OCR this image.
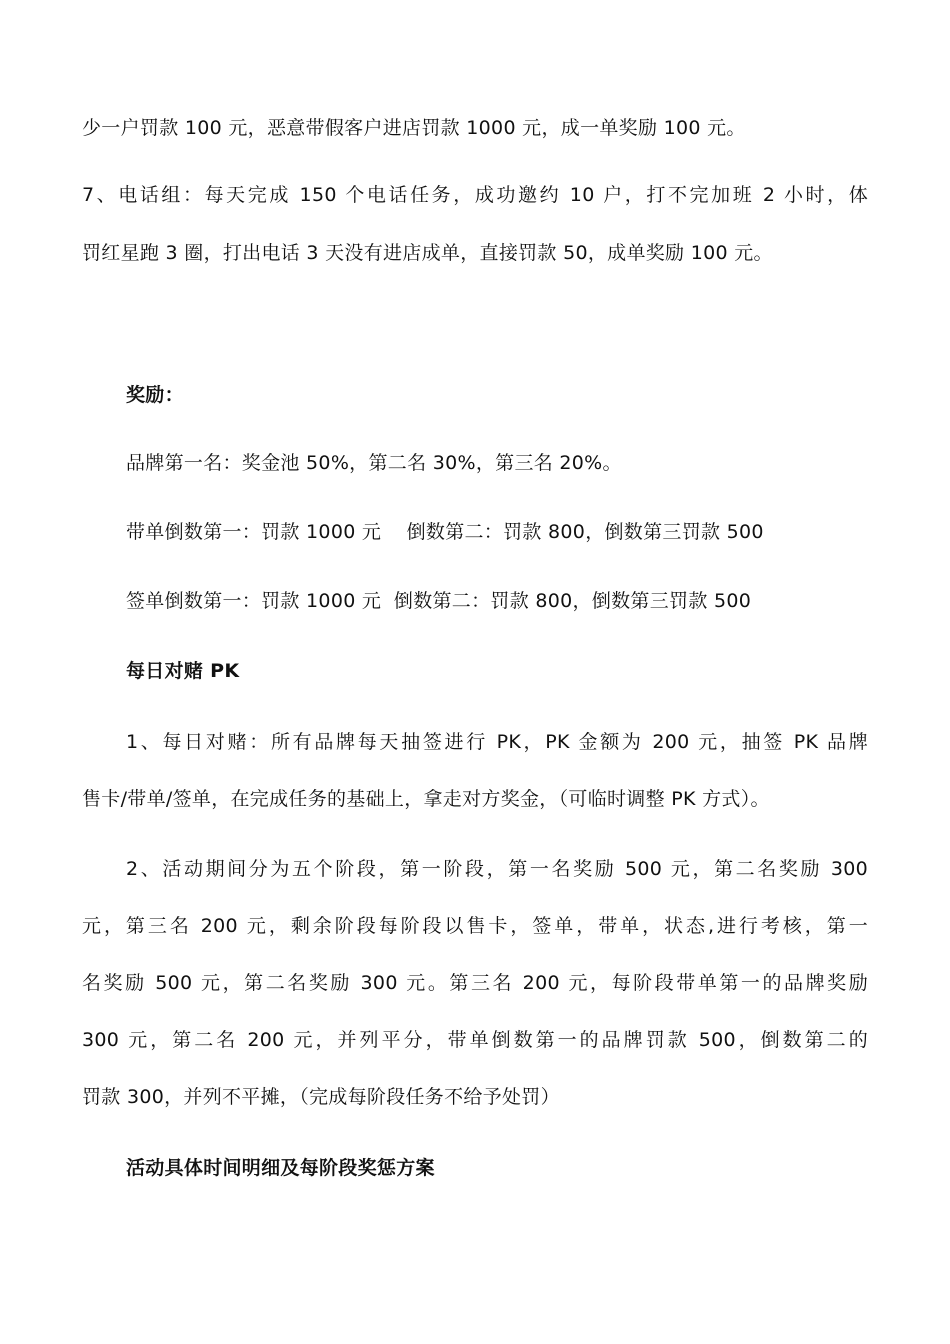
少一户罚款 100 元，恶意带假客户进店罚款 1000 元，成一单奖励 100 元。
7、电话组：每天完成 150 个电话任务，成功邀约 10 户，打不完加班 2 小时，体
罚红星跑 3 圈，打出电话 3 天没有进店成单，直接罚款 50，成单奖励 100 元。
奖励：
品牌第一名：奖金池 50%，第二名 30%，第三名 20%。
带单倒数第一：罚款 1000 元    倒数第二：罚款 800，倒数第三罚款 500
签单倒数第一：罚款 1000 元  倒数第二：罚款 800，倒数第三罚款 500
每日对赌 PK
1、每日对赌：所有品牌每天抽签进行 PK，PK 金额为 200 元，抽签 PK 品牌
售卡/带单/签单，在完成任务的基础上，拿走对方奖金，（可临时调整 PK 方式）。
2、活动期间分为五个阶段，第一阶段，第一名奖励 500 元，第二名奖励 300
元，第三名 200 元，剩余阶段每阶段以售卡，签单，带单，状态,进行考核，第一
名奖励 500 元，第二名奖励 300 元。第三名 200 元，每阶段带单第一的品牌奖励
300 元，第二名 200 元，并列平分，带单倒数第一的品牌罚款 500，倒数第二的
罚款 300，并列不平摊，（完成每阶段任务不给予处罚）
活动具体时间明细及每阶段奖惩方案
